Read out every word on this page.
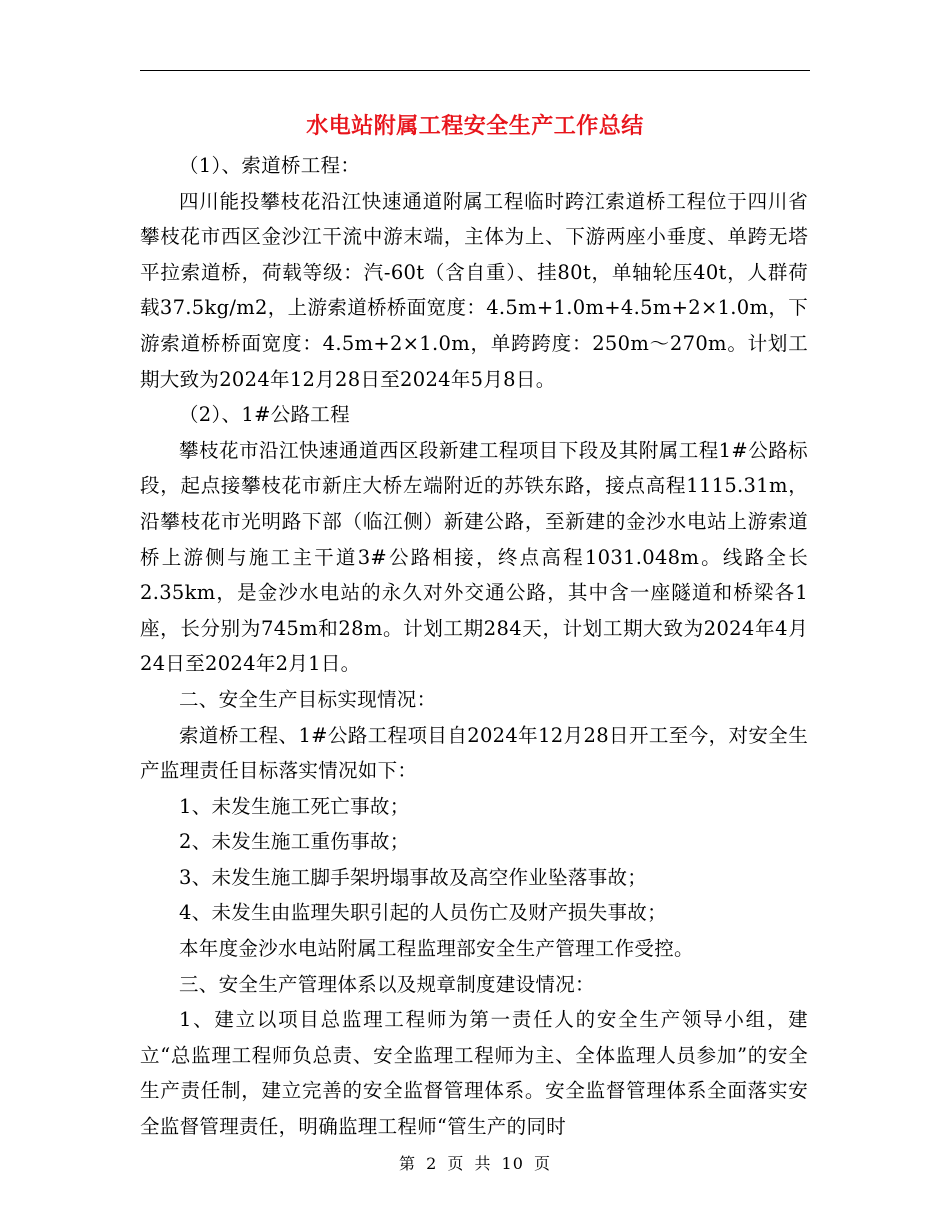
水电站附属工程安全生产工作总结

（1）、索道桥工程：

四川能投攀枝花沿江快速通道附属工程临时跨江索道桥工程位于四川省攀枝花市西区金沙江干流中游末端，主体为上、下游两座小垂度、单跨无塔平拉索道桥，荷载等级：汽-60t（含自重）、挂80t，单轴轮压40t，人群荷载37.5kg/m2，上游索道桥桥面宽度：4.5m+1.0m+4.5m+2×1.0m，下游索道桥桥面宽度：4.5m+2×1.0m，单跨跨度：250m～270m。计划工期大致为2024年12月28日至2024年5月8日。

（2）、1#公路工程

攀枝花市沿江快速通道西区段新建工程项目下段及其附属工程1#公路标段，起点接攀枝花市新庄大桥左端附近的苏铁东路，接点高程1115.31m，沿攀枝花市光明路下部（临江侧）新建公路，至新建的金沙水电站上游索道桥上游侧与施工主干道3#公路相接，终点高程1031.048m。线路全长2.35km，是金沙水电站的永久对外交通公路，其中含一座隧道和桥梁各1座，长分别为745m和28m。计划工期284天，计划工期大致为2024年4月24日至2024年2月1日。

二、安全生产目标实现情况：

索道桥工程、1#公路工程项目自2024年12月28日开工至今，对安全生产监理责任目标落实情况如下：

1、未发生施工死亡事故；

2、未发生施工重伤事故；

3、未发生施工脚手架坍塌事故及高空作业坠落事故；

4、未发生由监理失职引起的人员伤亡及财产损失事故；

本年度金沙水电站附属工程监理部安全生产管理工作受控。

三、安全生产管理体系以及规章制度建设情况：

1、建立以项目总监理工程师为第一责任人的安全生产领导小组，建立“总监理工程师负总责、安全监理工程师为主、全体监理人员参加”的安全生产责任制，建立完善的安全监督管理体系。安全监督管理体系全面落实安全监督管理责任，明确监理工程师“管生产的同时

第 2 页 共 10 页
